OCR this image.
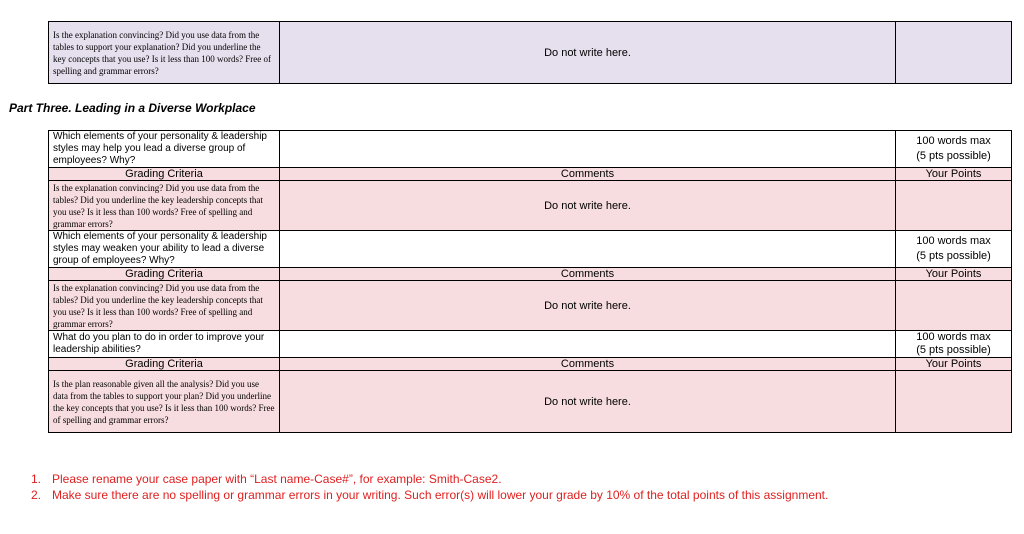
Is the explanation convincing? Did you use data from the tables to support your explanation? Did you underline the key concepts that you use? Is it less than 100 words? Free of spelling and grammar errors?	Do not write here.	
Part Three. Leading in a Diverse Workplace
Which elements of your personality & leadership styles may help you lead a diverse group of employees? Why?		100 words max
(5 pts possible)

Grading Criteria	Comments	Your Points
Is the explanation convincing? Did you use data from the tables? Did you underline the key leadership concepts that you use? Is it less than 100 words? Free of spelling and grammar errors?	Do not write here.	
Which elements of your personality & leadership styles may weaken your ability to lead a diverse group of employees? Why?		100 words max
(5 pts possible)

Grading Criteria	Comments	Your Points
Is the explanation convincing? Did you use data from the tables? Did you underline the key leadership concepts that you use? Is it less than 100 words? Free of spelling and grammar errors?	Do not write here.	
What do you plan to do in order to improve your leadership abilities?		100 words max
(5 pts possible)

Grading Criteria	Comments	Your Points
Is the plan reasonable given all the analysis? Did you use data from the tables to support your plan? Did you underline the key concepts that you use? Is it less than 100 words? Free of spelling and grammar errors?	Do not write here.	
1. Please rename your case paper with “Last name-Case#”, for example: Smith-Case2.
2. Make sure there are no spelling or grammar errors in your writing. Such error(s) will lower your grade by 10% of the total points of this assignment.
